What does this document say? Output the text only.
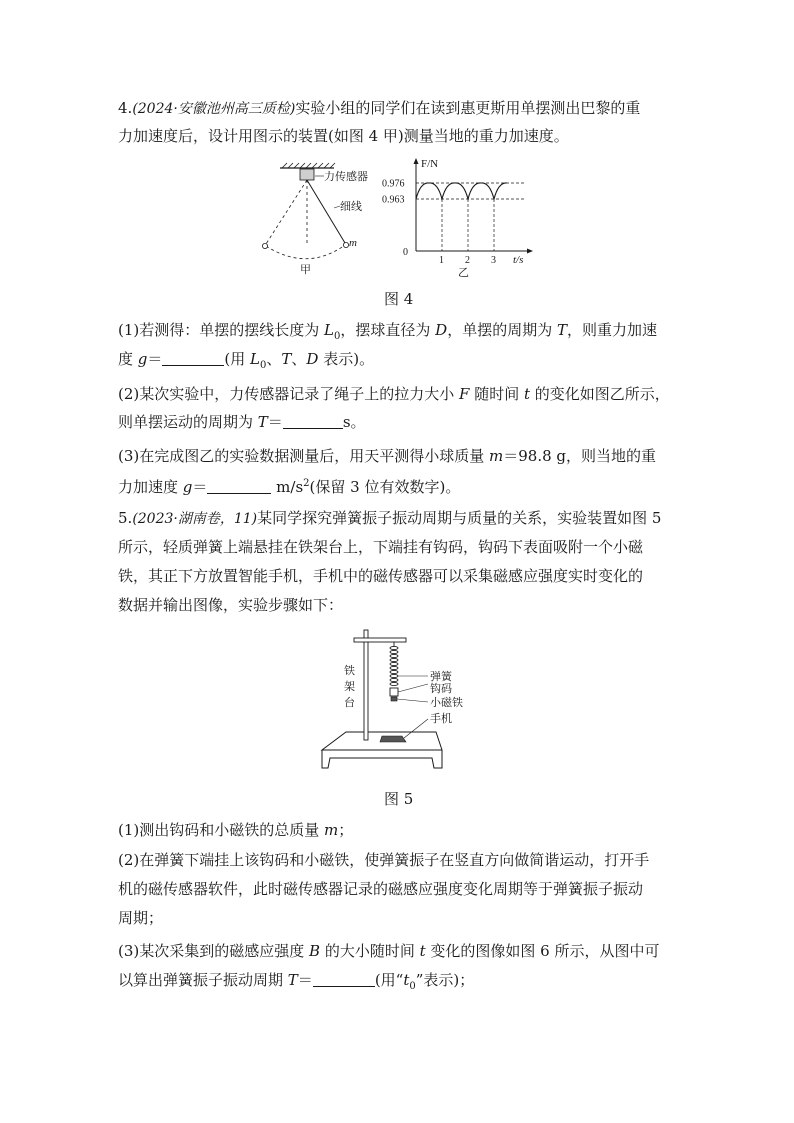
4.(2024·安徽池州高三质检)实验小组的同学们在读到惠更斯用单摆测出巴黎的重
力加速度后，设计用图示的装置(如图 4 甲)测量当地的重力加速度。
力传感器
细线
m
甲
0.963
0.976
1 2 3
F/N
t/s
0
乙
图 4
(1)若测得：单摆的摆线长度为 $L_0$，摆球直径为 D，单摆的周期为 T，则重力加速
度 g＝	(用 $L_0$、T、D 表示)。
(2)某次实验中，力传感器记录了绳子上的拉力大小 F 随时间 t 的变化如图乙所示，
则单摆运动的周期为 T＝	s。
(3)在完成图乙的实验数据测量后，用天平测得小球质量 m＝98.8 g，则当地的重
力加速度 g＝	$m/s^2$(保留 3 位有效数字)。
5.(2023·湖南卷，11)某同学探究弹簧振子振动周期与质量的关系，实验装置如图 5
所示，轻质弹簧上端悬挂在铁架台上，下端挂有钩码，钩码下表面吸附一个小磁
铁，其正下方放置智能手机，手机中的磁传感器可以采集磁感应强度实时变化的
数据并输出图像，实验步骤如下：
弹簧
钩码
小磁铁
手机
铁
架
台
图 5
(1)测出钩码和小磁铁的总质量 m；
(2)在弹簧下端挂上该钩码和小磁铁，使弹簧振子在竖直方向做简谐运动，打开手
机的磁传感器软件，此时磁传感器记录的磁感应强度变化周期等于弹簧振子振动
周期；
(3)某次采集到的磁感应强度 B 的大小随时间 t 变化的图像如图 6 所示，从图中可
以算出弹簧振子振动周期 T＝	(用“$t_0$”表示)；
